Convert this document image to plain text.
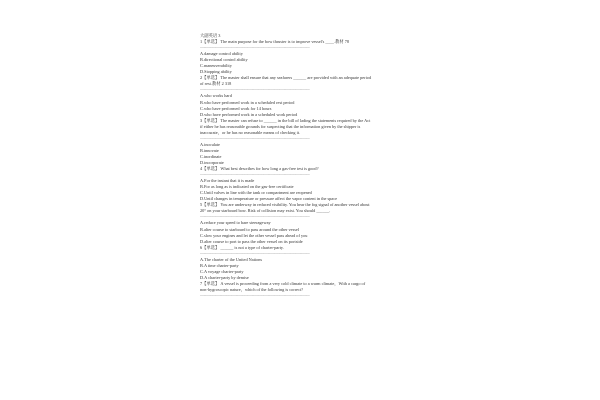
大副英语 3
1【单选】 The main purpose for the bow thruster is to improve vessel's ____.教材 78
-----------------------------------------------------------------------------------------
A.damage control ability
B.directional control ability
C.maneuverability
D.Stopping ability
2【单选】 The master shall ensure that any seafarers ______ are provided with an adequate period
of rest.教材 2 318
-----------------------------------------------------------------------------------------
A.who works hard
B.who have performed work in a scheduled rest period
C.who have performed work for 14 hours
D.who have performed work in a scheduled work period
3【单选】 The master can refuse to ______ in the bill of lading the statements required by the Act
if either he has reasonable grounds for suspecting that the information given by the shipper is
inaccurate，or he has no reasonable means of checking it.
-----------------------------------------------------------------------------------------
A.inoculate
B.innovate
C.inordinate
D.incorporate
4【单选】 What best describes for how long a gas-free test is good?
-----------------------------------------------------------------------------------------
A.For the instant that it is made
B.For as long as is indicated on the gas-free certificate
C.Until valves in line with the tank or compartment are reopened
D.Until changes in temperature or pressure affect the vapor content in the space
5【单选】 You are underway in reduced visibility. You hear the fog signal of another vessel about
20° on your starboard bow. Risk of collision may exist. You should ______.
-----------------------------------------------------------------------------------------
A.reduce your speed to bare steerageway
B.alter course to starboard to pass around the other vessel
C.slow your engines and let the other vessel pass ahead of you
D.alter course to port to pass the other vessel on its portside
6【单选】 ______ is not a type of charter-party.
-----------------------------------------------------------------------------------------
A.The charter of the United Nations
B.A time charter-party
C.A voyage charter-party
D.A charter-party by demise
7【单选】 A vessel is proceeding from a very cold climate to a warm climate，With a cargo of
non-hygroscopic nature，which of the following is correct?
-----------------------------------------------------------------------------------------
